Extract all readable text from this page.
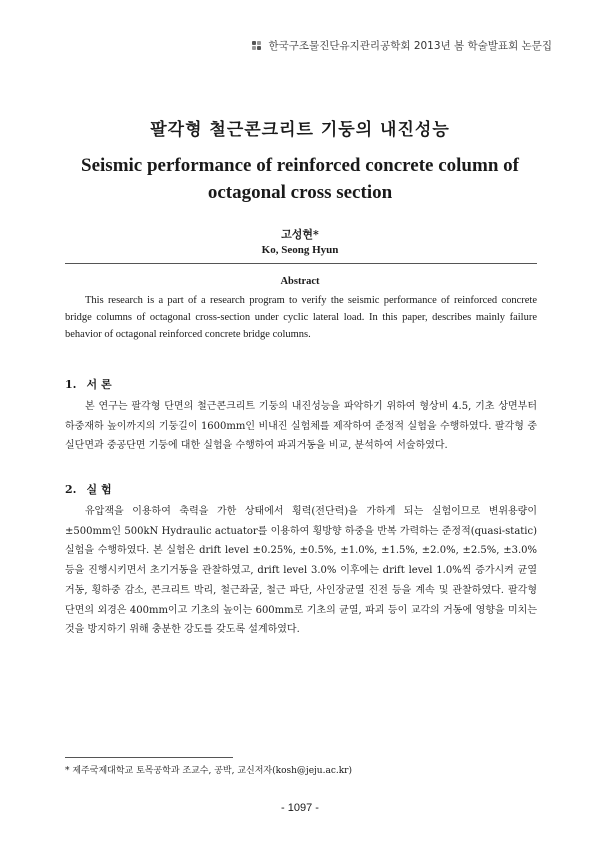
한국구조물진단유지관리공학회 2013년 봄 학술발표회 논문집
팔각형 철근콘크리트 기둥의 내진성능
Seismic performance of reinforced concrete column of octagonal cross section
고성현*
Ko, Seong Hyun
Abstract
This research is a part of a research program to verify the seismic performance of reinforced concrete bridge columns of octagonal cross-section under cyclic lateral load. In this paper, describes mainly failure behavior of octagonal reinforced concrete bridge columns.
1. 서 론
본 연구는 팔각형 단면의 철근콘크리트 기둥의 내진성능을 파악하기 위하여 형상비 4.5, 기초 상면부터 하중재하 높이까지의 기둥길이 1600mm인 비내진 실험체를 제작하여 준정적 실험을 수행하였다. 팔각형 중실단면과 중공단면 기둥에 대한 실험을 수행하여 파괴거동을 비교, 분석하여 서술하였다.
2. 실 험
유압잭을 이용하여 축력을 가한 상태에서 횡력(전단력)을 가하게 되는 실험이므로 변위용량이 ±500mm인 500kN Hydraulic actuator를 이용하여 횡방향 하중을 반복 가력하는 준정적(quasi-static) 실험을 수행하였다. 본 실험은 drift level ±0.25%, ±0.5%, ±1.0%, ±1.5%, ±2.0%, ±2.5%, ±3.0% 등을 진행시키면서 초기거동을 관찰하였고, drift level 3.0% 이후에는 drift level 1.0%씩 증가시켜 균열거동, 횡하중 감소, 콘크리트 박리, 철근좌굴, 철근 파단, 사인장균열 진전 등을 계속 및 관찰하였다. 팔각형 단면의 외경은 400mm이고 기초의 높이는 600mm로 기초의 균열, 파괴 등이 교각의 거동에 영향을 미치는 것을 방지하기 위해 충분한 강도를 갖도록 설계하였다.
* 제주국제대학교 토목공학과 조교수, 공박, 교신저자(kosh@jeju.ac.kr)
- 1097 -
